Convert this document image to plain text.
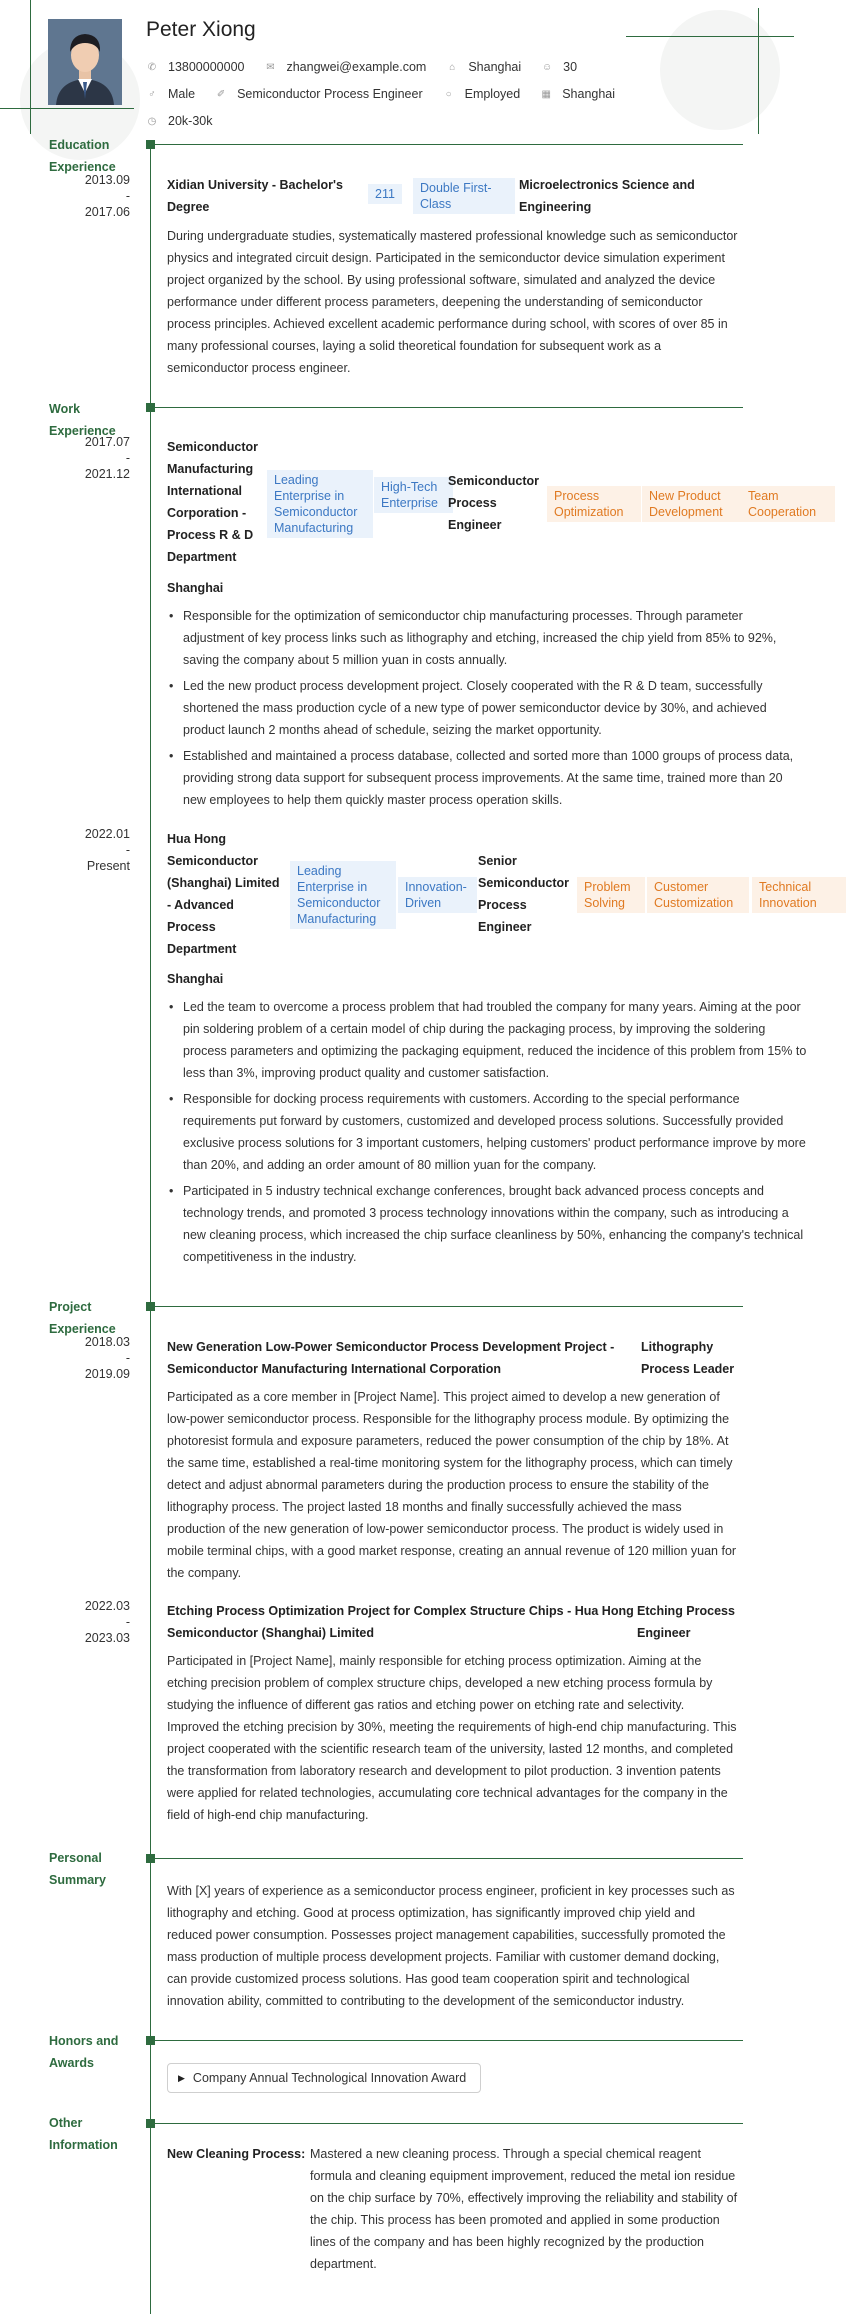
Peter Xiong
✆ 13800000000 ✉ zhangwei@example.com ⌂ Shanghai ☺ 30
♂ Male ✐ Semiconductor Process Engineer ○ Employed ▦ Shanghai
◷ 20k-30k
Education Experience
2013.09
-
2017.06
Xidian University - Bachelor's Degree
211	Double First-Class
Microelectronics Science and Engineering
During undergraduate studies, systematically mastered professional knowledge such as semiconductor physics and integrated circuit design. Participated in the semiconductor device simulation experiment project organized by the school. By using professional software, simulated and analyzed the device performance under different process parameters, deepening the understanding of semiconductor process principles. Achieved excellent academic performance during school, with scores of over 85 in many professional courses, laying a solid theoretical foundation for subsequent work as a semiconductor process engineer.
Work Experience
2017.07
-
2021.12
Semiconductor Manufacturing International Corporation - Process R & D Department
Leading Enterprise in Semiconductor Manufacturing
High-Tech Enterprise
Semiconductor Process Engineer
Process Optimization
New Product Development
Team Cooperation
Shanghai
• Responsible for the optimization of semiconductor chip manufacturing processes. Through parameter adjustment of key process links such as lithography and etching, increased the chip yield from 85% to 92%, saving the company about 5 million yuan in costs annually.
• Led the new product process development project. Closely cooperated with the R & D team, successfully shortened the mass production cycle of a new type of power semiconductor device by 30%, and achieved product launch 2 months ahead of schedule, seizing the market opportunity.
• Established and maintained a process database, collected and sorted more than 1000 groups of process data, providing strong data support for subsequent process improvements. At the same time, trained more than 20 new employees to help them quickly master process operation skills.
2022.01
-
Present
Hua Hong Semiconductor (Shanghai) Limited - Advanced Process Department
Leading Enterprise in Semiconductor Manufacturing
Innovation-Driven
Senior Semiconductor Process Engineer
Problem Solving
Customer Customization
Technical Innovation
Shanghai
• Led the team to overcome a process problem that had troubled the company for many years. Aiming at the poor pin soldering problem of a certain model of chip during the packaging process, by improving the soldering process parameters and optimizing the packaging equipment, reduced the incidence of this problem from 15% to less than 3%, improving product quality and customer satisfaction.
• Responsible for docking process requirements with customers. According to the special performance requirements put forward by customers, customized and developed process solutions. Successfully provided exclusive process solutions for 3 important customers, helping customers' product performance improve by more than 20%, and adding an order amount of 80 million yuan for the company.
• Participated in 5 industry technical exchange conferences, brought back advanced process concepts and technology trends, and promoted 3 process technology innovations within the company, such as introducing a new cleaning process, which increased the chip surface cleanliness by 50%, enhancing the company's technical competitiveness in the industry.
Project Experience
2018.03
-
2019.09
New Generation Low-Power Semiconductor Process Development Project - Semiconductor Manufacturing International Corporation
Lithography Process Leader
Participated as a core member in [Project Name]. This project aimed to develop a new generation of low-power semiconductor process. Responsible for the lithography process module. By optimizing the photoresist formula and exposure parameters, reduced the power consumption of the chip by 18%. At the same time, established a real-time monitoring system for the lithography process, which can timely detect and adjust abnormal parameters during the production process to ensure the stability of the lithography process. The project lasted 18 months and finally successfully achieved the mass production of the new generation of low-power semiconductor process. The product is widely used in mobile terminal chips, with a good market response, creating an annual revenue of 120 million yuan for the company.
2022.03
-
2023.03
Etching Process Optimization Project for Complex Structure Chips - Hua Hong Semiconductor (Shanghai) Limited
Etching Process Engineer
Participated in [Project Name], mainly responsible for etching process optimization. Aiming at the etching precision problem of complex structure chips, developed a new etching process formula by studying the influence of different gas ratios and etching power on etching rate and selectivity. Improved the etching precision by 30%, meeting the requirements of high-end chip manufacturing. This project cooperated with the scientific research team of the university, lasted 12 months, and completed the transformation from laboratory research and development to pilot production. 3 invention patents were applied for related technologies, accumulating core technical advantages for the company in the field of high-end chip manufacturing.
Personal Summary
With [X] years of experience as a semiconductor process engineer, proficient in key processes such as lithography and etching. Good at process optimization, has significantly improved chip yield and reduced power consumption. Possesses project management capabilities, successfully promoted the mass production of multiple process development projects. Familiar with customer demand docking, can provide customized process solutions. Has good team cooperation spirit and technological innovation ability, committed to contributing to the development of the semiconductor industry.
Honors and Awards
▶ Company Annual Technological Innovation Award
Other Information
New Cleaning Process: Mastered a new cleaning process. Through a special chemical reagent formula and cleaning equipment improvement, reduced the metal ion residue on the chip surface by 70%, effectively improving the reliability and stability of the chip. This process has been promoted and applied in some production lines of the company and has been highly recognized by the production department.
